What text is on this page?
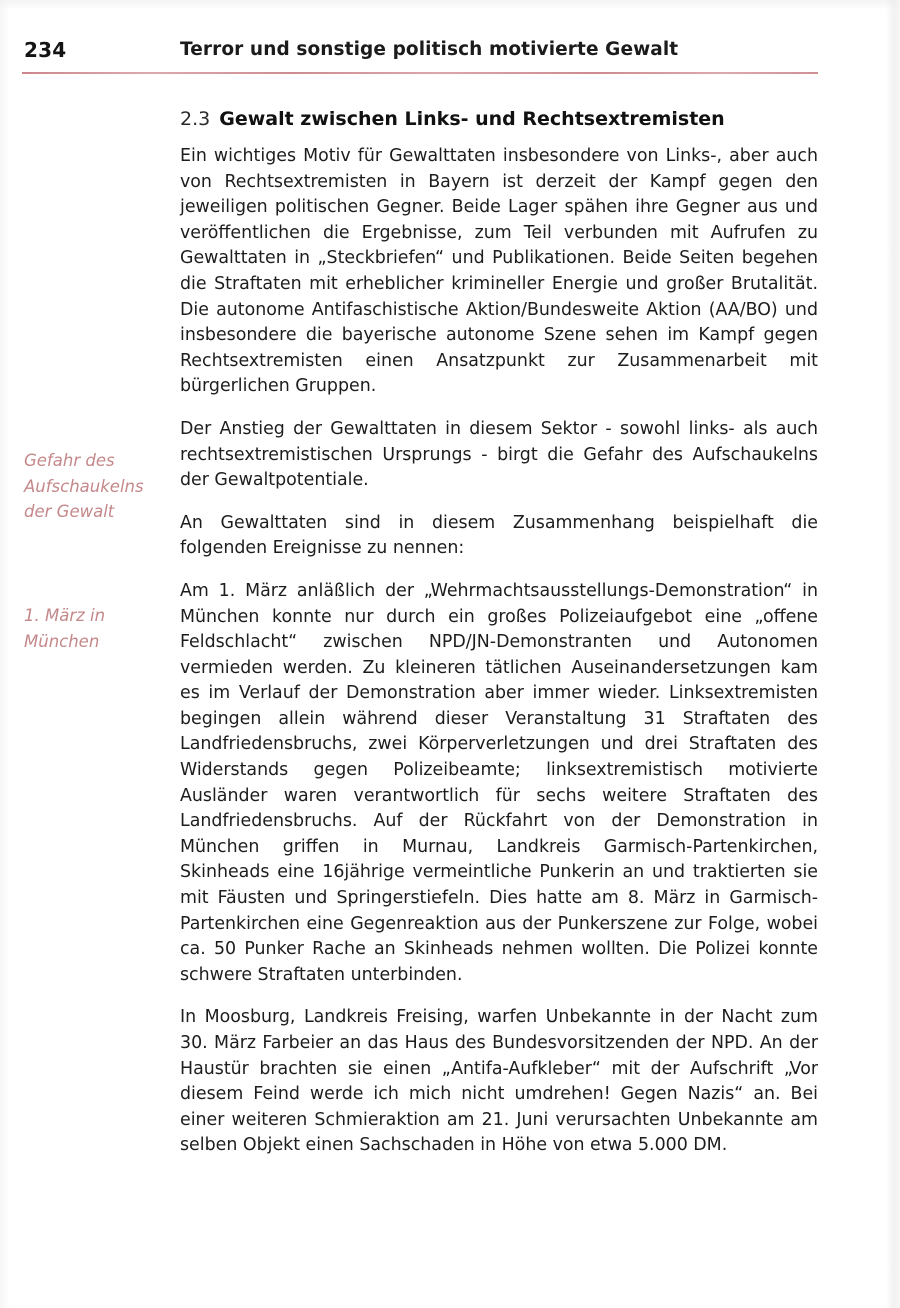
234	Terror und sonstige politisch motivierte Gewalt
Gefahr des Aufschaukelns der Gewalt
1. März in München
2.3 Gewalt zwischen Links- und Rechtsextremisten

Ein wichtiges Motiv für Gewalttaten insbesondere von Links-, aber auch von Rechtsextremisten in Bayern ist derzeit der Kampf gegen den jeweiligen politischen Gegner. Beide Lager spähen ihre Gegner aus und veröffentlichen die Ergebnisse, zum Teil verbunden mit Aufrufen zu Gewalttaten in „Steckbriefen“ und Publikationen. Beide Seiten begehen die Straftaten mit erheblicher krimineller Energie und großer Brutalität. Die autonome Antifaschistische Aktion/Bundesweite Aktion (AA/BO) und insbesondere die bayerische autonome Szene sehen im Kampf gegen Rechtsextremisten einen Ansatzpunkt zur Zusammenarbeit mit bürgerlichen Gruppen.

Der Anstieg der Gewalttaten in diesem Sektor - sowohl links- als auch rechtsextremistischen Ursprungs - birgt die Gefahr des Aufschaukelns der Gewaltpotentiale.

An Gewalttaten sind in diesem Zusammenhang beispielhaft die folgenden Ereignisse zu nennen:

Am 1. März anläßlich der „Wehrmachtsausstellungs-Demonstration“ in München konnte nur durch ein großes Polizeiaufgebot eine „offene Feldschlacht“ zwischen NPD/JN-Demonstranten und Autonomen vermieden werden. Zu kleineren tätlichen Auseinandersetzungen kam es im Verlauf der Demonstration aber immer wieder. Linksextremisten begingen allein während dieser Veranstaltung 31 Straftaten des Landfriedensbruchs, zwei Körperverletzungen und drei Straftaten des Widerstands gegen Polizeibeamte; linksextremistisch motivierte Ausländer waren verantwortlich für sechs weitere Straftaten des Landfriedensbruchs. Auf der Rückfahrt von der Demonstration in München griffen in Murnau, Landkreis Garmisch-Partenkirchen, Skinheads eine 16jährige vermeintliche Punkerin an und traktierten sie mit Fäusten und Springerstiefeln. Dies hatte am 8. März in Garmisch-Partenkirchen eine Gegenreaktion aus der Punkerszene zur Folge, wobei ca. 50 Punker Rache an Skinheads nehmen wollten. Die Polizei konnte schwere Straftaten unterbinden.

In Moosburg, Landkreis Freising, warfen Unbekannte in der Nacht zum 30. März Farbeier an das Haus des Bundesvorsitzenden der NPD. An der Haustür brachten sie einen „Antifa-Aufkleber“ mit der Aufschrift „Vor diesem Feind werde ich mich nicht umdrehen! Gegen Nazis“ an. Bei einer weiteren Schmieraktion am 21. Juni verursachten Unbekannte am selben Objekt einen Sachschaden in Höhe von etwa 5.000 DM.
